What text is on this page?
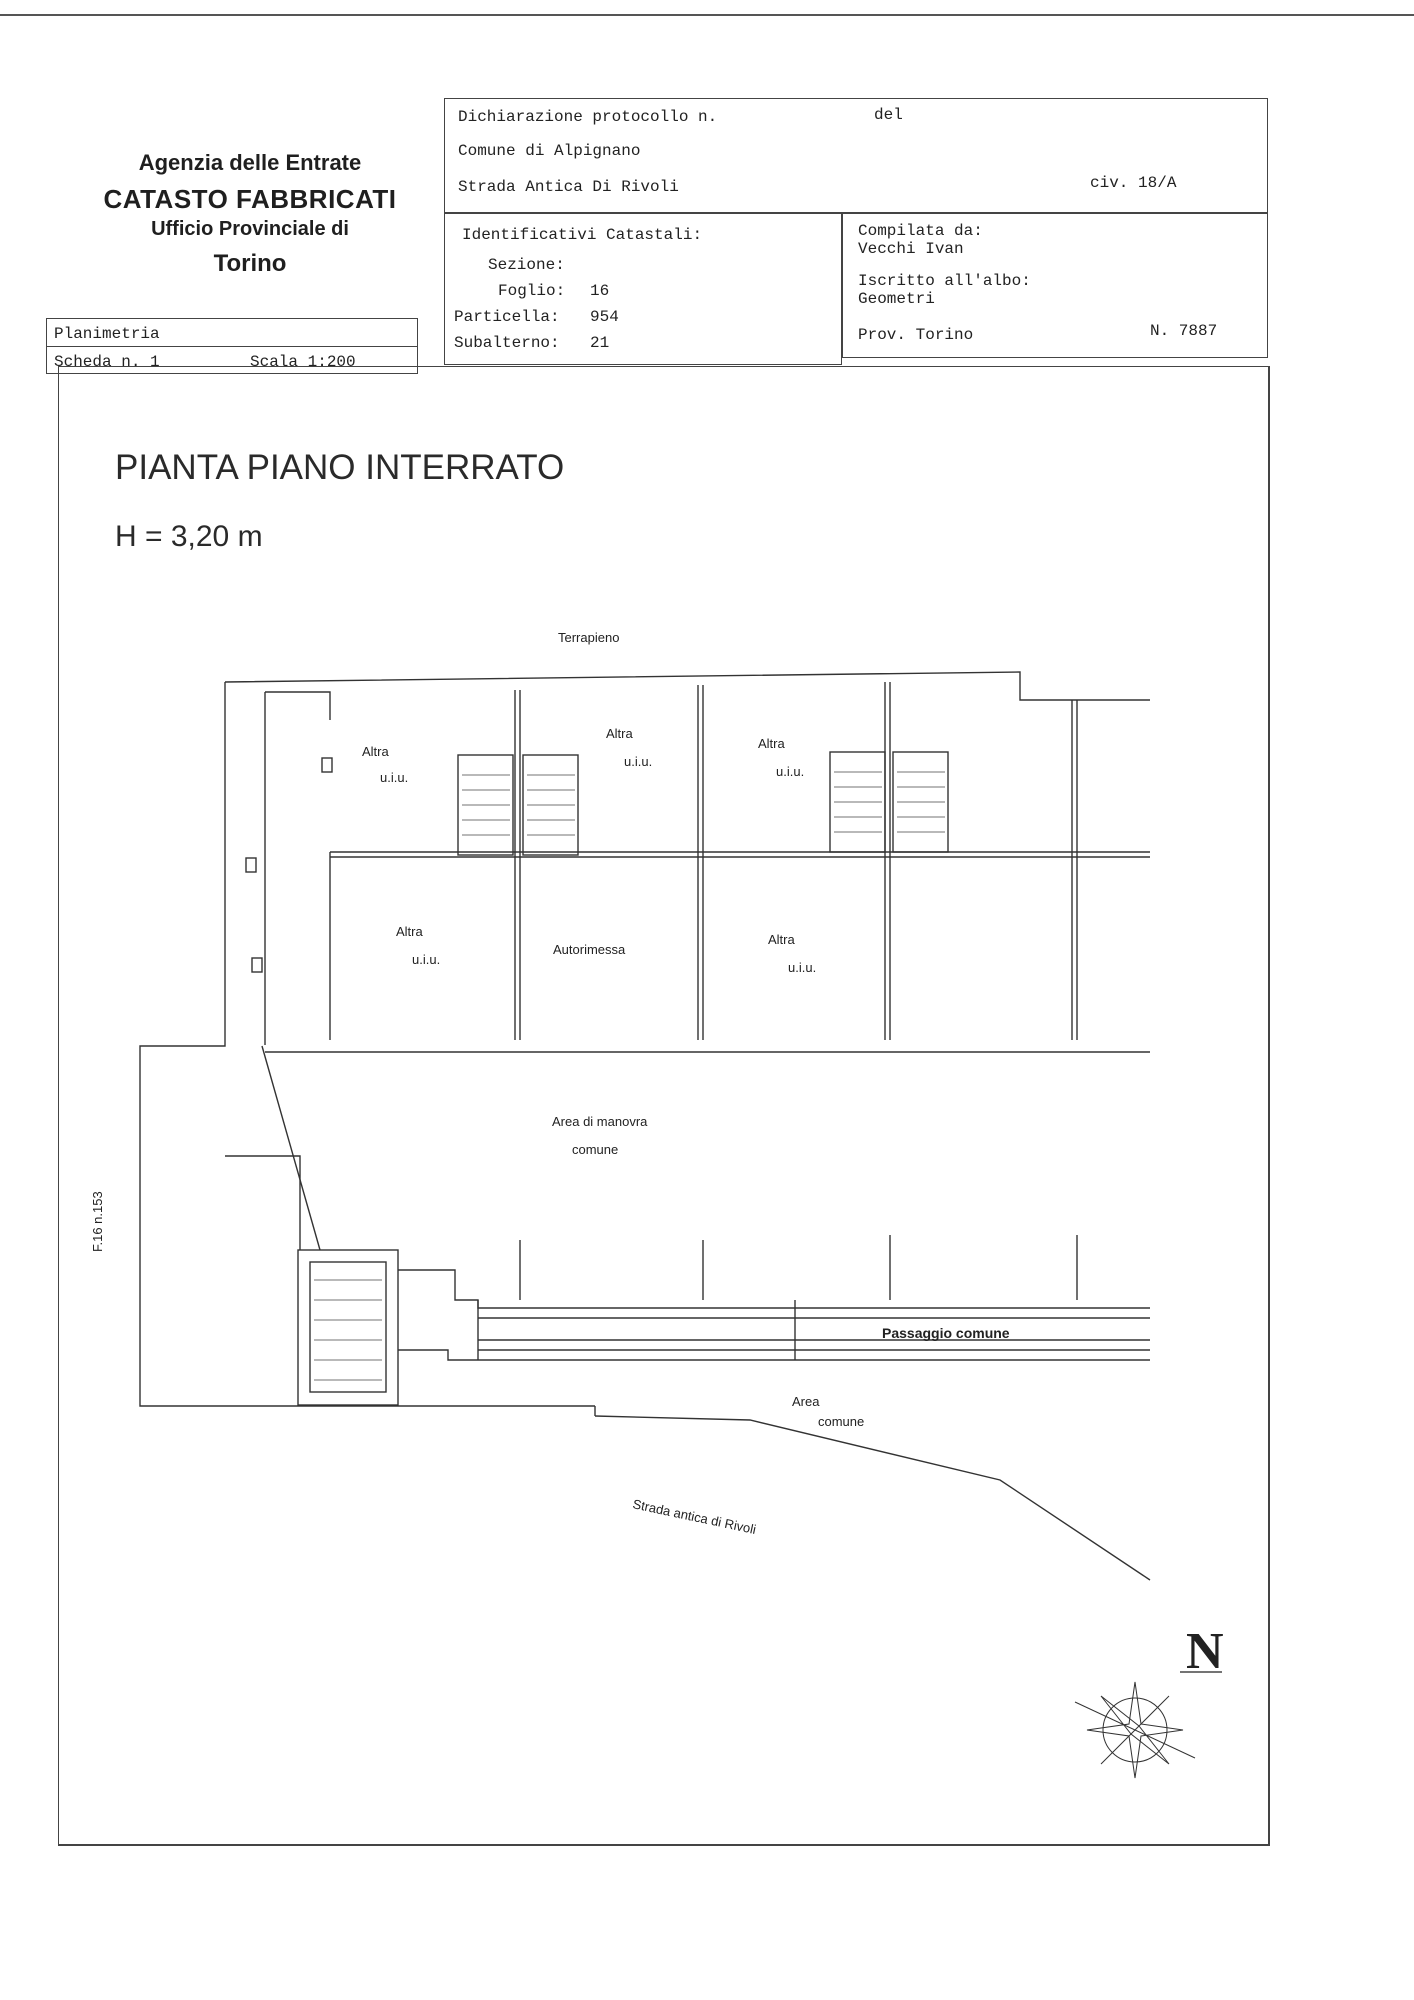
Agenzia delle Entrate
CATASTO FABBRICATI
Ufficio Provinciale di
Torino
Planimetria
Scheda n. 1	Scala 1:200
Dichiarazione protocollo n.	del
Comune di Alpignano
Strada Antica Di Rivoli	civ. 18/A
Identificativi Catastali:
Sezione:
Foglio: 16
Particella: 954
Subalterno: 21
Compilata da:
Vecchi Ivan
Iscritto all'albo:
Geometri
Prov. Torino	N. 7887
PIANTA PIANO INTERRATO
H = 3,20 m
Terrapieno
Altra
u.i.u.
Altra
u.i.u.
Altra
u.i.u.
Altra
u.i.u.
Autorimessa
Altra
u.i.u.
Area di manovra
comune
Passaggio comune
Area
comune
Strada antica di Rivoli
F.16 n.153
N
